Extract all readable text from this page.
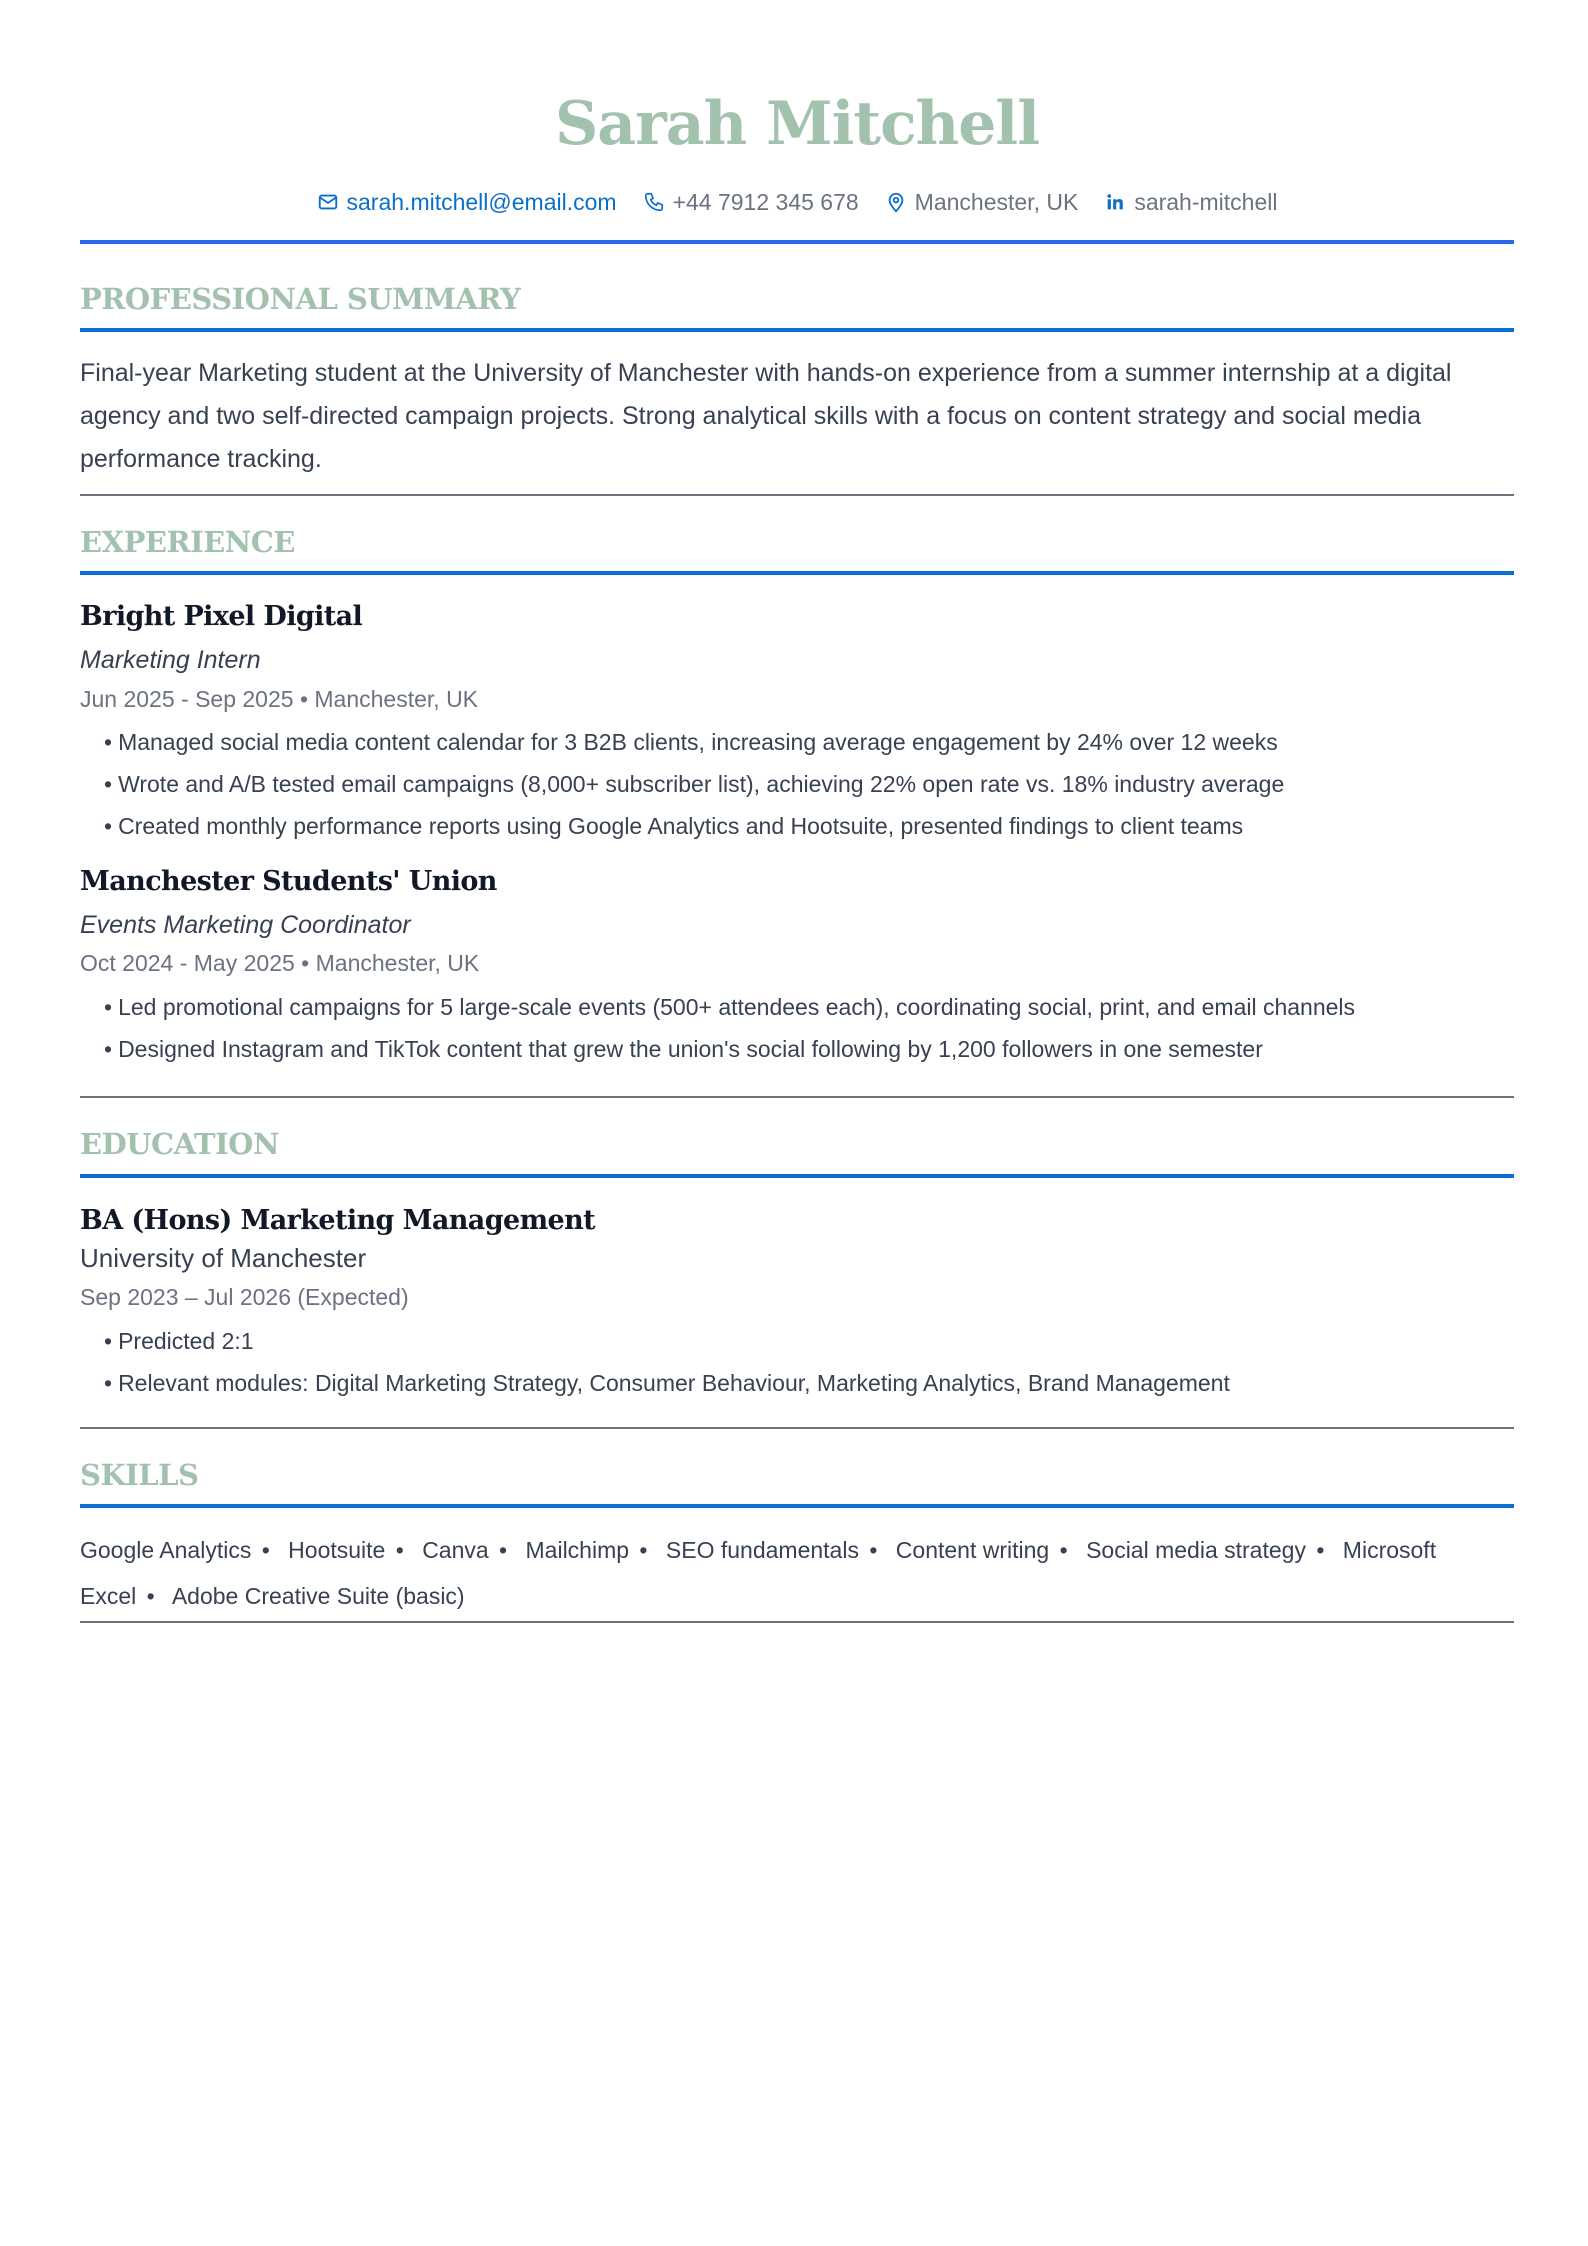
Sarah Mitchell
sarah.mitchell@email.com +44 7912 345 678 Manchester, UK sarah-mitchell
PROFESSIONAL SUMMARY

Final-year Marketing student at the University of Manchester with hands-on experience from a summer internship at a digital agency and two self-directed campaign projects. Strong analytical skills with a focus on content strategy and social media performance tracking.

EXPERIENCE
Bright Pixel Digital
Marketing Intern
Jun 2025 - Sep 2025 • Manchester, UK
• Managed social media content calendar for 3 B2B clients, increasing average engagement by 24% over 12 weeks
• Wrote and A/B tested email campaigns (8,000+ subscriber list), achieving 22% open rate vs. 18% industry average
• Created monthly performance reports using Google Analytics and Hootsuite, presented findings to client teams
Manchester Students' Union
Events Marketing Coordinator
Oct 2024 - May 2025 • Manchester, UK
• Led promotional campaigns for 5 large-scale events (500+ attendees each), coordinating social, print, and email channels
• Designed Instagram and TikTok content that grew the union's social following by 1,200 followers in one semester
EDUCATION
BA (Hons) Marketing Management
University of Manchester
Sep 2023 – Jul 2026 (Expected)
• Predicted 2:1
• Relevant modules: Digital Marketing Strategy, Consumer Behaviour, Marketing Analytics, Brand Management
SKILLS
Google Analytics • Hootsuite • Canva • Mailchimp • SEO fundamentals • Content writing • Social media strategy • Microsoft Excel • Adobe Creative Suite (basic)
